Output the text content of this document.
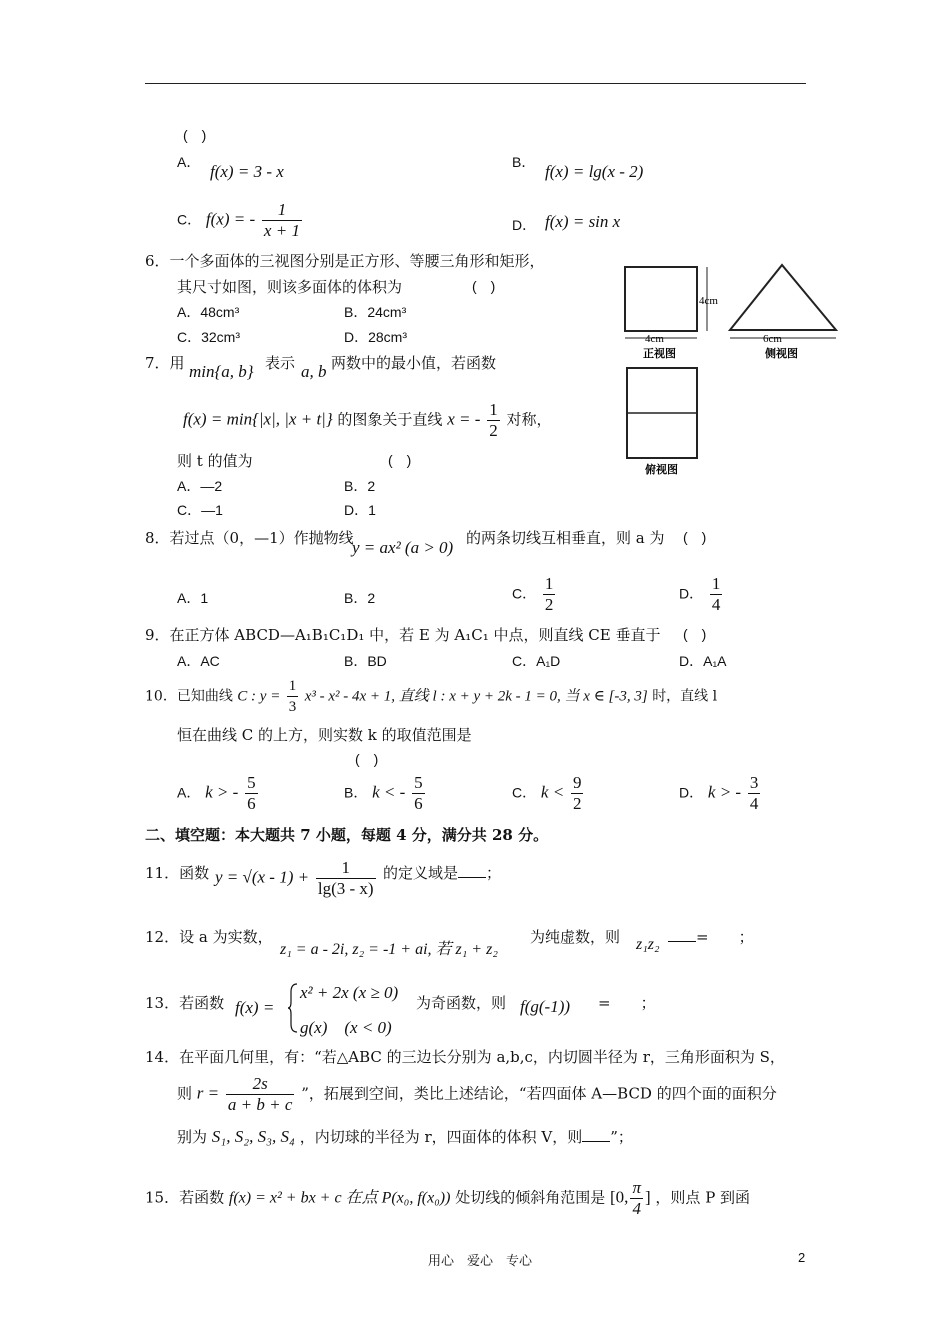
(　)
A． f(x) = 3 - x	B． f(x) = lg(x - 2)
C． f(x) = - $\frac{1}{x + 1}$	D． f(x) = sin x
6．一个多面体的三视图分别是正方形、等腰三角形和矩形，
其尺寸如图，则该多面体的体积为	(　)
A．48cm³	B．24cm³
C．32cm³	D．28cm³
4cm
4cm
正视图
6cm
侧视图
俯视图
7．用 min{a, b} 表示 a, b 两数中的最小值，若函数
f(x) = min{|x|, |x + t|} 的图象关于直线 x = - $\frac{1}{2}$ 对称，
则 t 的值为	(　)
A．—2	B．2
C．—1	D．1
8．若过点（0，—1）作抛物线
y = ax² (a > 0) 的两条切线互相垂直，则 a 为 (　)
A．1	B．2	C． $\frac{1}{2}$	D． $\frac{1}{4}$
9．在正方体 ABCD—A₁B₁C₁D₁ 中，若 E 为 A₁C₁ 中点，则直线 CE 垂直于 (　)
A．AC	B．BD	C．A₁D	D．A₁A
10．已知曲线 C : $y = \frac{1}{3} x^3 - x^2 - 4x + 1$, 直线 l : x + y + 2k - 1 = 0, 当 x ∈ [-3, 3] 时，直线 l
恒在曲线 C 的上方，则实数 k 的取值范围是
(　)
A． k > - $\frac{5}{6}$	B． k < - $\frac{5}{6}$	C． $k < \frac{9}{2}$	D． k > - $\frac{3}{4}$
二、填空题：本大题共 7 小题，每题 4 分，满分共 28 分。
11．函数 $y = √(x - 1) + \frac{1}{\lg(3 - x)}$ 的定义域是 ；
12．设 a 为实数，
z₁ = a - 2i, z₂ = -1 + ai, 若 z₁ + z₂
为纯虚数，则 z₁z₂	=　　；
13．若函数 f(x) =
x² + 2x (x ≥ 0)
g(x)　(x < 0)
为奇函数，则 f(g(-1)) =　　；
14．在平面几何里，有：“若△ABC 的三边长分别为 a,b,c，内切圆半径为 r，三角形面积为 S，
则 $r = \frac{2s}{a + b + c}$ ”，拓展到空间，类比上述结论，“若四面体 A—BCD 的四个面的面积分
别为 S₁, S₂, S₃, S₄ ，内切球的半径为 r，四面体的体积 V，则 ”；
15．若函数 f(x) = x² + bx + c 在点 P(x₀, f(x₀)) 处切线的倾斜角范围是 [0, $\frac{\pi}{4}$ ] ，则点 P 到函
用心　爱心　专心	2
